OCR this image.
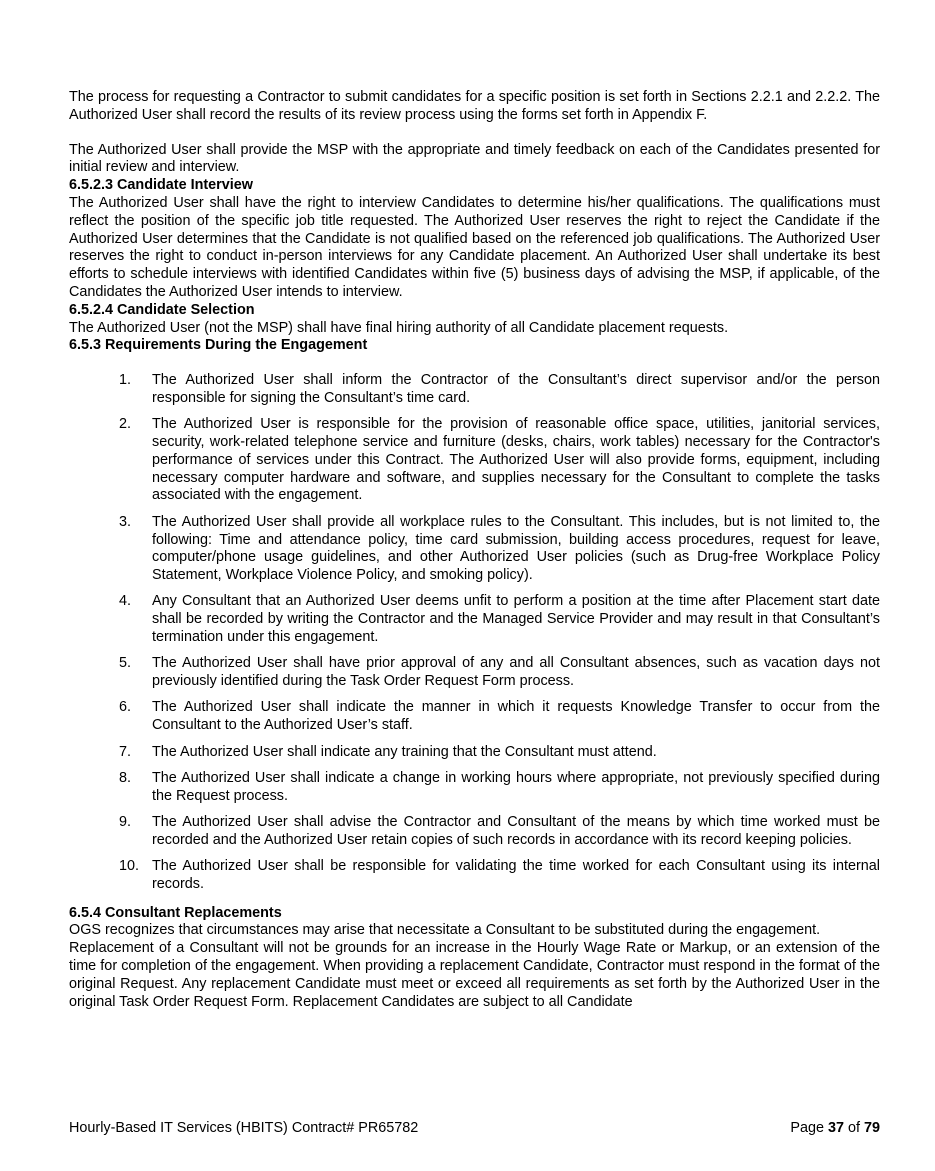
The process for requesting a Contractor to submit candidates for a specific position is set forth in Sections 2.2.1 and 2.2.2. The Authorized User shall record the results of its review process using the forms set forth in Appendix F.

The Authorized User shall provide the MSP with the appropriate and timely feedback on each of the Candidates presented for initial review and interview.

6.5.2.3 Candidate Interview

The Authorized User shall have the right to interview Candidates to determine his/her qualifications. The qualifications must reflect the position of the specific job title requested. The Authorized User reserves the right to reject the Candidate if the Authorized User determines that the Candidate is not qualified based on the referenced job qualifications. The Authorized User reserves the right to conduct in-person interviews for any Candidate placement. An Authorized User shall undertake its best efforts to schedule interviews with identified Candidates within five (5) business days of advising the MSP, if applicable, of the Candidates the Authorized User intends to interview.

6.5.2.4 Candidate Selection

The Authorized User (not the MSP) shall have final hiring authority of all Candidate placement requests.

6.5.3 Requirements During the Engagement

1.	The Authorized User shall inform the Contractor of the Consultant’s direct supervisor and/or the person responsible for signing the Consultant’s time card.
2.	The Authorized User is responsible for the provision of reasonable office space, utilities, janitorial services, security, work-related telephone service and furniture (desks, chairs, work tables) necessary for the Contractor's performance of services under this Contract. The Authorized User will also provide forms, equipment, including necessary computer hardware and software, and supplies necessary for the Consultant to complete the tasks associated with the engagement.
3.	The Authorized User shall provide all workplace rules to the Consultant. This includes, but is not limited to, the following: Time and attendance policy, time card submission, building access procedures, request for leave, computer/phone usage guidelines, and other Authorized User policies (such as Drug-free Workplace Policy Statement, Workplace Violence Policy, and smoking policy).
4.	Any Consultant that an Authorized User deems unfit to perform a position at the time after Placement start date shall be recorded by writing the Contractor and the Managed Service Provider and may result in that Consultant’s termination under this engagement.
5.	The Authorized User shall have prior approval of any and all Consultant absences, such as vacation days not previously identified during the Task Order Request Form process.
6.	The Authorized User shall indicate the manner in which it requests Knowledge Transfer to occur from the Consultant to the Authorized User’s staff.
7.	The Authorized User shall indicate any training that the Consultant must attend.
8.	The Authorized User shall indicate a change in working hours where appropriate, not previously specified during the Request process.
9.	The Authorized User shall advise the Contractor and Consultant of the means by which time worked must be recorded and the Authorized User retain copies of such records in accordance with its record keeping policies.
10. The Authorized User shall be responsible for validating the time worked for each Consultant using its internal records.

6.5.4 Consultant Replacements

OGS recognizes that circumstances may arise that necessitate a Consultant to be substituted during the engagement.

Replacement of a Consultant will not be grounds for an increase in the Hourly Wage Rate or Markup, or an extension of the time for completion of the engagement. When providing a replacement Candidate, Contractor must respond in the format of the original Request. Any replacement Candidate must meet or exceed all requirements as set forth by the Authorized User in the original Task Order Request Form. Replacement Candidates are subject to all Candidate

Hourly-Based IT Services (HBITS) Contract# PR65782	Page 37 of 79
